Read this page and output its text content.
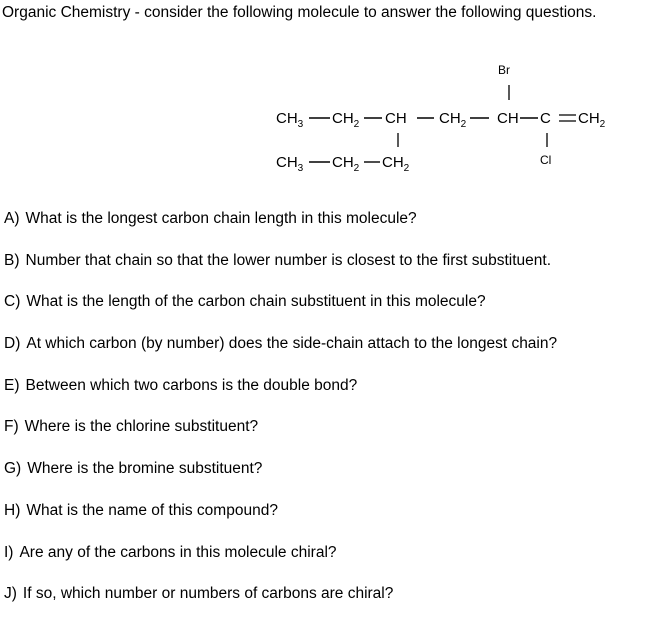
Organic Chemistry - consider the following molecule to answer the following questions.
Br
$CH_3$ $CH_2$ CH $CH_2$ CH C $CH_2$
Cl
$CH_3$ $CH_2$ $CH_2$
A) What is the longest carbon chain length in this molecule?
B) Number that chain so that the lower number is closest to the first substituent.
C) What is the length of the carbon chain substituent in this molecule?
D) At which carbon (by number) does the side-chain attach to the longest chain?
E) Between which two carbons is the double bond?
F) Where is the chlorine substituent?
G) Where is the bromine substituent?
H) What is the name of this compound?
I) Are any of the carbons in this molecule chiral?
J) If so, which number or numbers of carbons are chiral?
